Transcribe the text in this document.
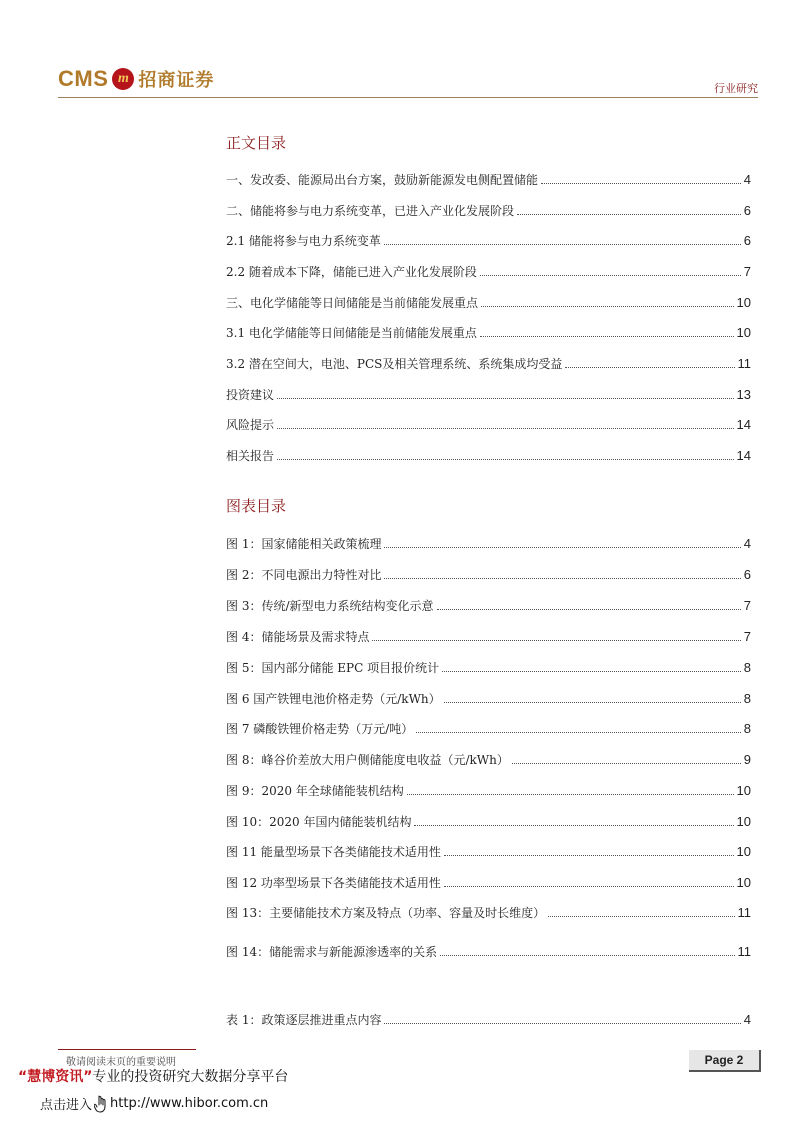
CMS m 招商证券	行业研究
正文目录
一、发改委、能源局出台方案，鼓励新能源发电侧配置储能	4
二、储能将参与电力系统变革，已进入产业化发展阶段	6
2.1 储能将参与电力系统变革	6
2.2 随着成本下降，储能已进入产业化发展阶段	7
三、电化学储能等日间储能是当前储能发展重点	10
3.1 电化学储能等日间储能是当前储能发展重点	10
3.2 潜在空间大，电池、PCS及相关管理系统、系统集成均受益	11
投资建议	13
风险提示	14
相关报告	14
图表目录
图 1：国家储能相关政策梳理	4
图 2：不同电源出力特性对比	6
图 3：传统/新型电力系统结构变化示意	7
图 4：储能场景及需求特点	7
图 5：国内部分储能 EPC 项目报价统计	8
图 6 国产铁锂电池价格走势（元/kWh）	8
图 7 磷酸铁锂价格走势（万元/吨）	8
图 8：峰谷价差放大用户侧储能度电收益（元/kWh）	9
图 9：2020 年全球储能装机结构	10
图 10：2020 年国内储能装机结构	10
图 11 能量型场景下各类储能技术适用性	10
图 12 功率型场景下各类储能技术适用性	10
图 13：主要储能技术方案及特点（功率、容量及时长维度）	11
图 14：储能需求与新能源渗透率的关系	11
表 1：政策逐层推进重点内容	4
敬请阅读末页的重要说明	Page 2
“慧博资讯”专业的投资研究大数据分享平台
点击进入 http://www.hibor.com.cn
